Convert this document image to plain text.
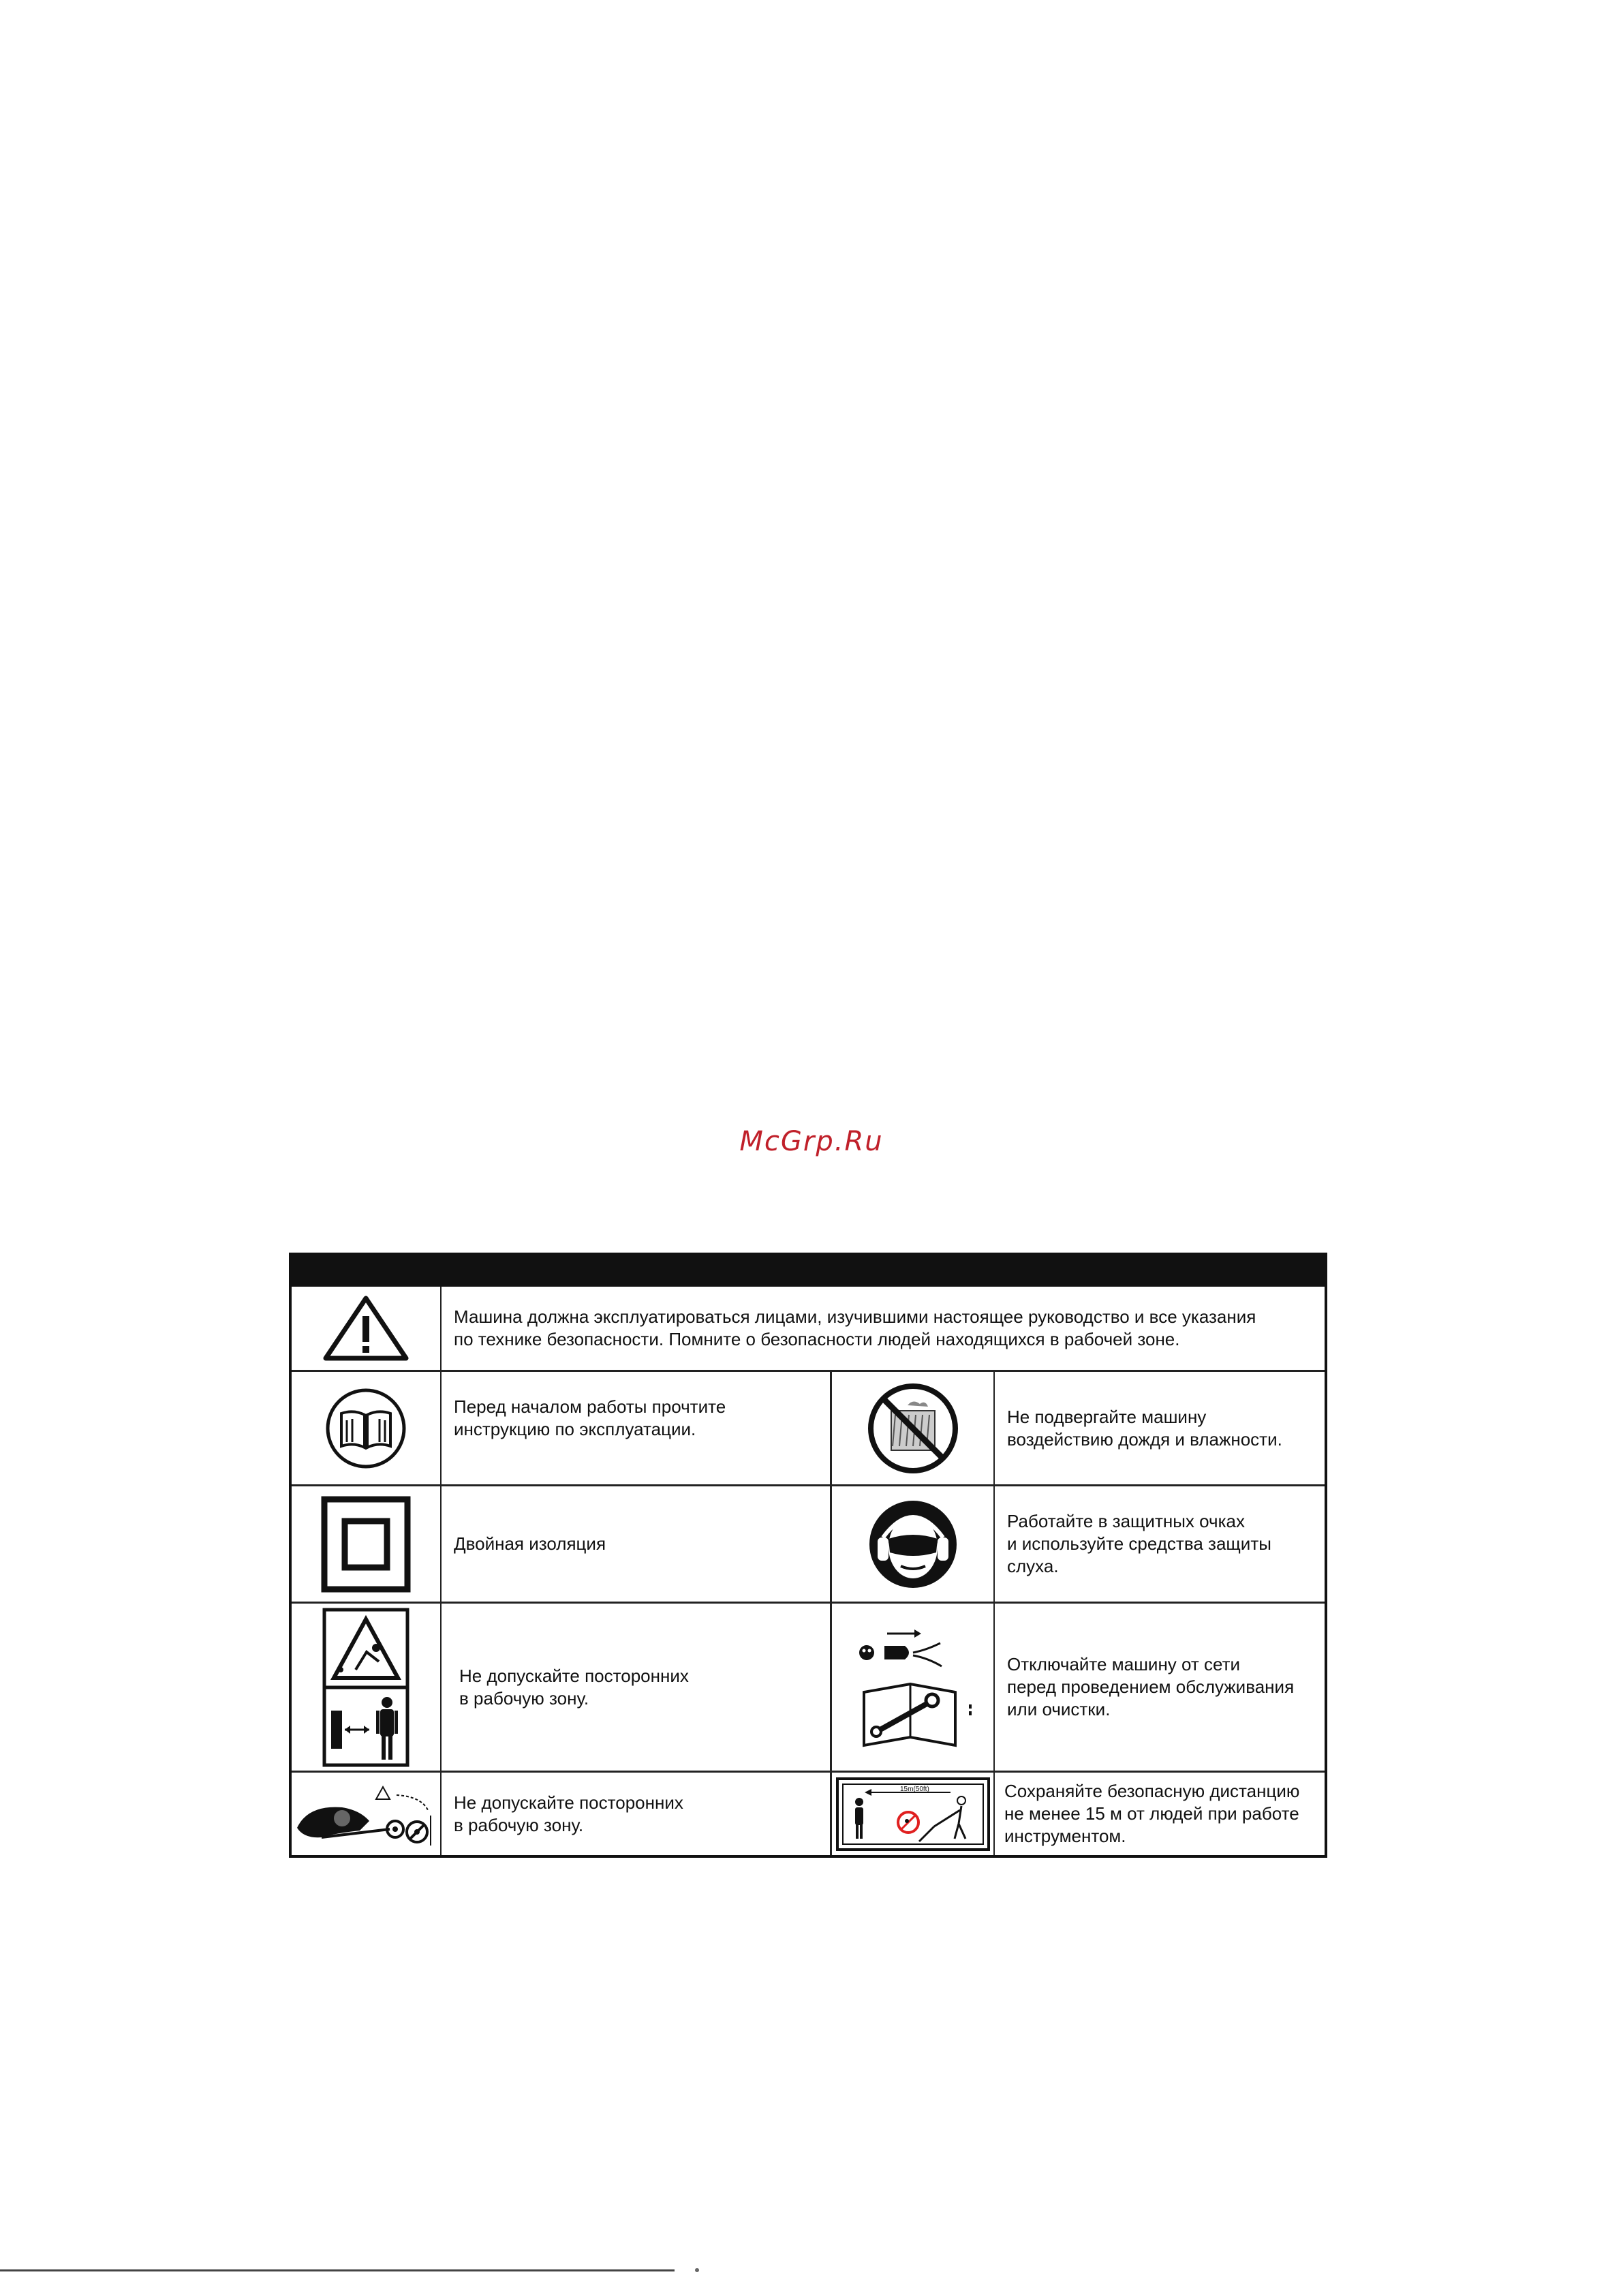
McGrp.Ru
Машина должна эксплуатироваться лицами, изучившими настоящее руководство и все указания
по технике безопасности. Помните о безопасности людей находящихся в рабочей зоне.
Перед началом работы прочтите
инструкцию по эксплуатации.
Не подвергайте машину
воздействию дождя и влажности.
Двойная изоляция
Работайте в защитных очках
и используйте средства защиты
слуха.
Не допускайте посторонних
в рабочую зону.
Отключайте машину от сети
перед проведением обслуживания
или очистки.
Не допускайте посторонних
в рабочую зону.
15m(50ft)	Сохраняйте безопасную дистанцию
не менее 15 м от людей при работе
инструментом.
